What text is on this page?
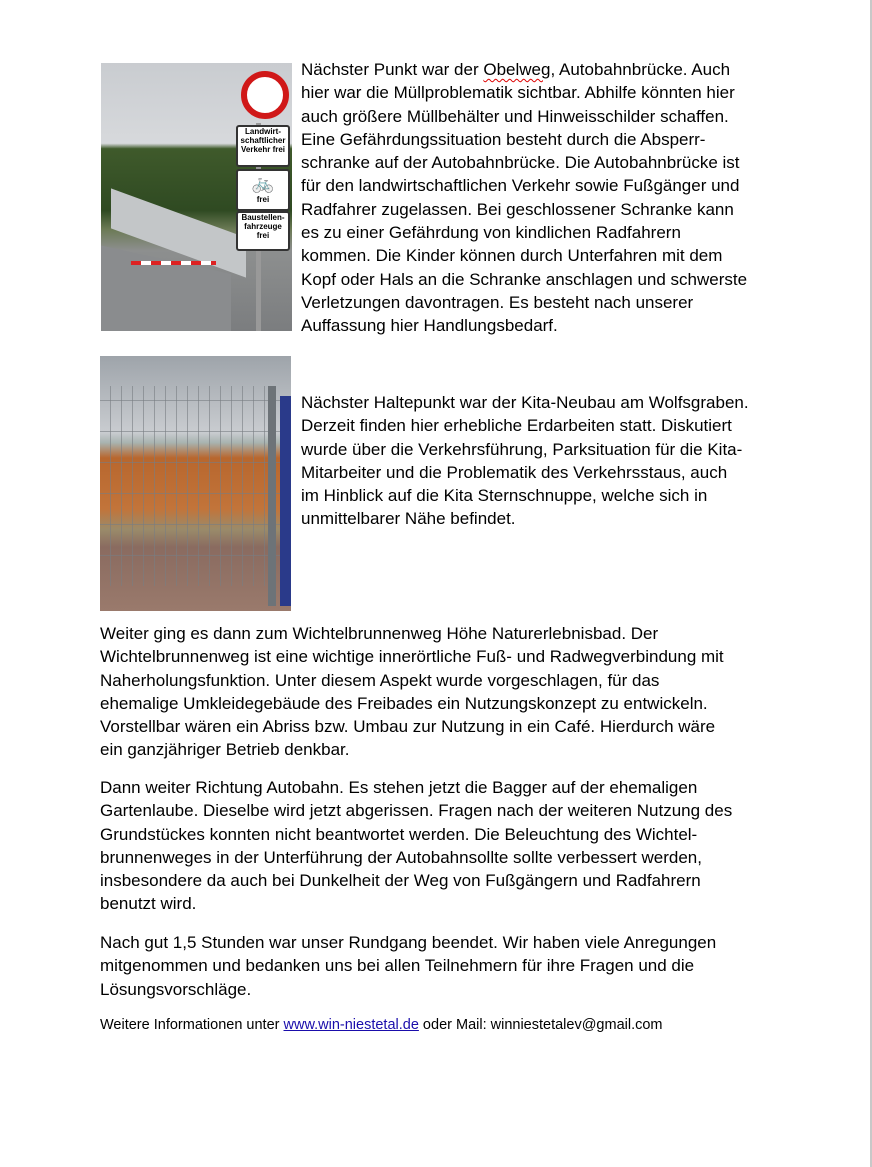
Landwirt-schaftlicher Verkehr frei
🚲
frei
Baustellen-fahrzeuge frei
Nächster Punkt war der Obelweg, Autobahnbrücke. Auch
hier war die Müllproblematik sichtbar. Abhilfe könnten hier
auch größere Müllbehälter und Hinweisschilder schaffen.
Eine Gefährdungssituation besteht durch die Absperr-
schranke auf der Autobahnbrücke. Die Autobahnbrücke ist
für den landwirtschaftlichen Verkehr sowie Fußgänger und
Radfahrer zugelassen. Bei geschlossener Schranke kann
es zu einer Gefährdung von kindlichen Radfahrern
kommen. Die Kinder können durch Unterfahren mit dem
Kopf oder Hals an die Schranke anschlagen und schwerste
Verletzungen davontragen. Es besteht nach unserer
Auffassung hier Handlungsbedarf.
Nächster Haltepunkt war der Kita-Neubau am Wolfsgraben.
Derzeit finden hier erhebliche Erdarbeiten statt. Diskutiert
wurde über die Verkehrsführung, Parksituation für die Kita-
Mitarbeiter und die Problematik des Verkehrsstaus, auch
im Hinblick auf die Kita Sternschnuppe, welche sich in
unmittelbarer Nähe befindet.
Weiter ging es dann zum Wichtelbrunnenweg Höhe Naturerlebnisbad. Der
Wichtelbrunnenweg ist eine wichtige innerörtliche Fuß- und Radwegverbindung mit
Naherholungsfunktion. Unter diesem Aspekt wurde vorgeschlagen, für das
ehemalige Umkleidegebäude des Freibades ein Nutzungskonzept zu entwickeln.
Vorstellbar wären ein Abriss bzw. Umbau zur Nutzung in ein Café. Hierdurch wäre
ein ganzjähriger Betrieb denkbar.
Dann weiter Richtung Autobahn. Es stehen jetzt die Bagger auf der ehemaligen
Gartenlaube. Dieselbe wird jetzt abgerissen. Fragen nach der weiteren Nutzung des
Grundstückes konnten nicht beantwortet werden. Die Beleuchtung des Wichtel-
brunnenweges in der Unterführung der Autobahnsollte sollte verbessert werden,
insbesondere da auch bei Dunkelheit der Weg von Fußgängern und Radfahrern
benutzt wird.
Nach gut 1,5 Stunden war unser Rundgang beendet. Wir haben viele Anregungen
mitgenommen und bedanken uns bei allen Teilnehmern für ihre Fragen und die
Lösungsvorschläge.
Weitere Informationen unter www.win-niestetal.de oder Mail: winniestetalev@gmail.com
